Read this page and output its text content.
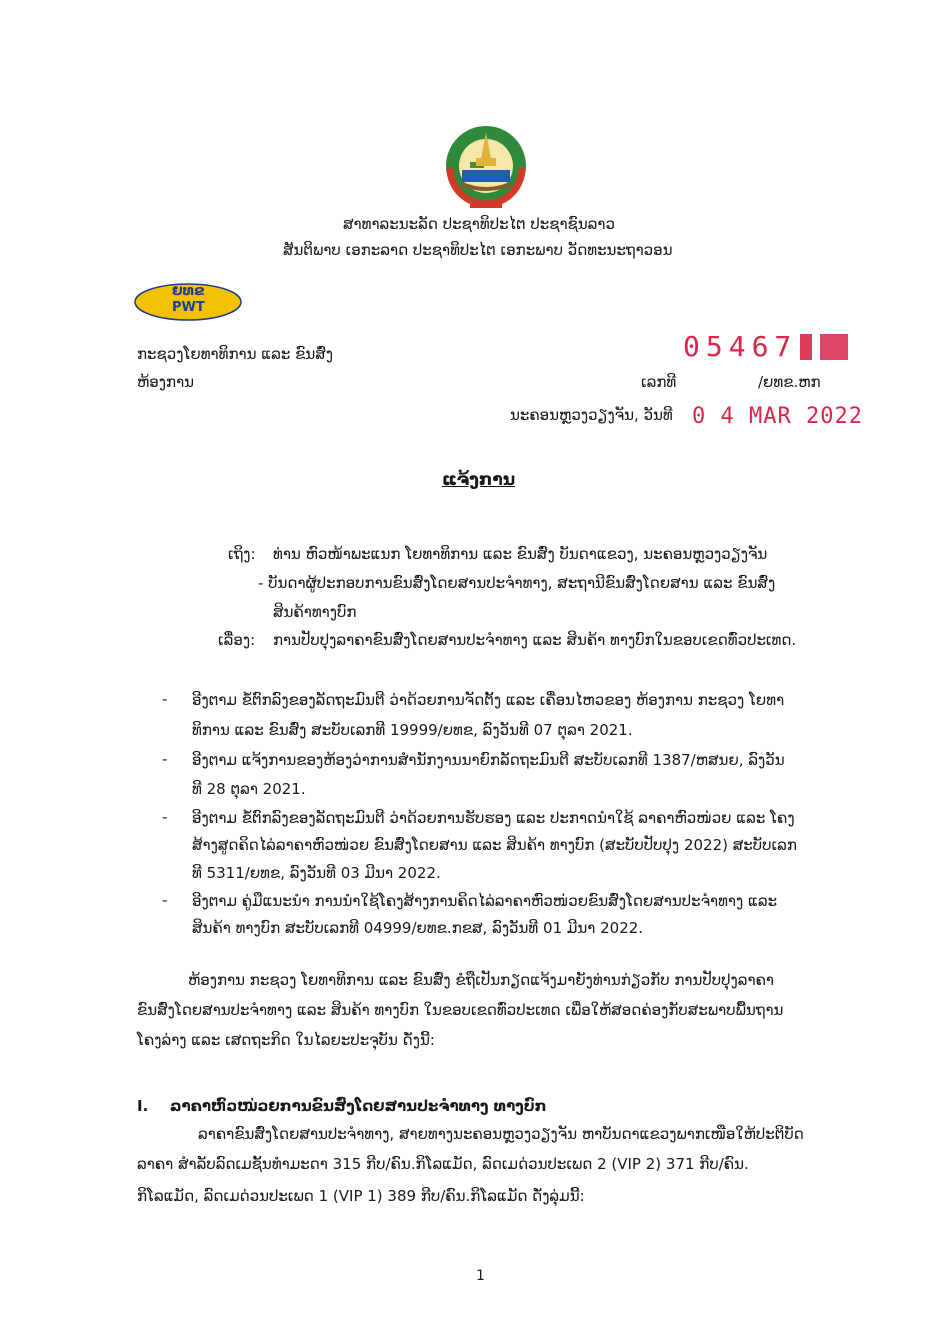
ສາທາລະນະລັດ ປະຊາທິປະໄຕ ປະຊາຊົນລາວ
ສັນຕິພາບ ເອກະລາດ ປະຊາທິປະໄຕ ເອກະພາບ ວັດທະນະຖາວອນ
ຍທຂ
PWT
ກະຊວງໂຍທາທິການ ແລະ ຂົນສົ່ງ
ຫ້ອງການ
05467
ເລກທີ	/ຍທຂ.ຫກ
ນະຄອນຫຼວງວຽງຈັນ, ວັນທີ 0 4 MAR 2022
ແຈ້ງການ
ເຖິງ: ທ່ານ ຫົວໜ້າພະແນກ ໂຍທາທິການ ແລະ ຂົນສົ່ງ ບັນດາແຂວງ, ນະຄອນຫຼວງວຽງຈັນ
- ບັນດາຜູ້ປະກອບການຂົນສົ່ງໂດຍສານປະຈຳທາງ, ສະຖານີຂົນສົ່ງໂດຍສານ ແລະ ຂົນສົ່ງ
ສິນຄ້າທາງບົກ
ເລື່ອງ: ການປັບປຸງລາຄາຂົນສົ່ງໂດຍສານປະຈຳທາງ ແລະ ສິນຄ້າ ທາງບົກໃນຂອບເຂດທົ່ວປະເທດ.
- ອີງຕາມ ຂໍ້ຕົກລົງຂອງລັດຖະມົນຕີ ວ່າດ້ວຍການຈັດຕັ້ງ ແລະ ເຄື່ອນໄຫວຂອງ ຫ້ອງການ ກະຊວງ ໂຍທາ
ທິການ ແລະ ຂົນສົ່ງ ສະບັບເລກທີ 19999/ຍທຂ, ລົງວັນທີ 07 ຕຸລາ 2021.
- ອີງຕາມ ແຈ້ງການຂອງຫ້ອງວ່າການສຳນັກງານນາຍົກລັດຖະມົນຕີ ສະບັບເລກທີ 1387/ຫສນຍ, ລົງວັນ
ທີ 28 ຕຸລາ 2021.
- ອີງຕາມ ຂໍ້ຕົກລົງຂອງລັດຖະມົນຕີ ວ່າດ້ວຍການຮັບຮອງ ແລະ ປະກາດນຳໃຊ້ ລາຄາຫົວໜ່ວຍ ແລະ ໂຄງ
ສ້າງສູດຄິດໄລ່ລາຄາຫົວໜ່ວຍ ຂົນສົ່ງໂດຍສານ ແລະ ສິນຄ້າ ທາງບົກ (ສະບັບປັບປຸງ 2022) ສະບັບເລກ
ທີ 5311/ຍທຂ, ລົງວັນທີ 03 ມີນາ 2022.
- ອີງຕາມ ຄູ່ມືແນະນຳ ການນຳໃຊ້ໂຄງສ້າງການຄິດໄລ່ລາຄາຫົວໜ່ວຍຂົນສົ່ງໂດຍສານປະຈຳທາງ ແລະ
ສິນຄ້າ ທາງບົກ ສະບັບເລກທີ 04999/ຍທຂ.ກຂສ, ລົງວັນທີ 01 ມີນາ 2022.
ຫ້ອງການ ກະຊວງ ໂຍທາທິການ ແລະ ຂົນສົ່ງ ຂໍຖືເປັນກຽດແຈ້ງມາຍັງທ່ານກ່ຽວກັບ ການປັບປຸງລາຄາ
ຂົນສົ່ງໂດຍສານປະຈຳທາງ ແລະ ສິນຄ້າ ທາງບົກ ໃນຂອບເຂດທົ່ວປະເທດ ເພື່ອໃຫ້ສອດຄ່ອງກັບສະພາບພື້ນຖານ
ໂຄງລ່າງ ແລະ ເສດຖະກິດ ໃນໄລຍະປະຈຸບັນ ດັ່ງນີ້:
I. ລາຄາຫົວໜ່ວຍການຂົນສົ່ງໂດຍສານປະຈຳທາງ ທາງບົກ
ລາຄາຂົນສົ່ງໂດຍສານປະຈຳທາງ, ສາຍທາງນະຄອນຫຼວງວຽງຈັນ ຫາບັນດາແຂວງພາກເໜືອໃຫ້ປະຕິບັດ
ລາຄາ ສຳລັບລົດເມຊັ້ນທຳມະດາ 315 ກີບ/ຄົນ.ກິໂລແມັດ, ລົດເມດ່ວນປະເພດ 2 (VIP 2) 371 ກີບ/ຄົນ.
ກິໂລແມັດ, ລົດເມດ່ວນປະເພດ 1 (VIP 1) 389 ກີບ/ຄົນ.ກິໂລແມັດ ດັ່ງລຸ່ມນີ້:
1
